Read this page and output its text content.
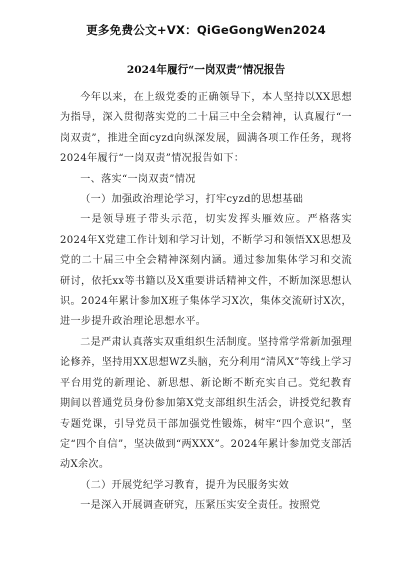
更多免费公文+VX：QiGeGongWen2024
2024年履行“一岗双责”情况报告

今年以来，在上级党委的正确领导下，本人坚持以XX思想为指导，深入贯彻落实党的二十届三中全会精神，认真履行“一岗双责”，推进全面cyzd向纵深发展，圆满各项工作任务，现将2024年履行“一岗双责”情况报告如下：

一、落实“一岗双责”情况

（一）加强政治理论学习，打牢cyzd的思想基础

一是领导班子带头示范，切实发挥头雁效应。严格落实2024年X党建工作计划和学习计划，不断学习和领悟XX思想及党的二十届三中全会精神深刻内涵。通过参加集体学习和交流研讨，依托xx等书籍以及X重要讲话精神文件，不断加深思想认识。2024年累计参加X班子集体学习X次，集体交流研讨X次，进一步提升政治理论思想水平。

二是严肃认真落实双重组织生活制度。坚持常学常新加强理论修养，坚持用XX思想WZ头脑，充分利用“清风X”等线上学习平台用党的新理论、新思想、新论断不断充实自己。党纪教育期间以普通党员身份参加第X党支部组织生活会，讲授党纪教育专题党课，引导党员干部加强党性锻炼，树牢“四个意识”，坚定“四个自信”，坚决做到“两XXX”。2024年累计参加党支部活动X余次。

（二）开展党纪学习教育，提升为民服务实效

一是深入开展调查研究，压紧压实安全责任。按照党
